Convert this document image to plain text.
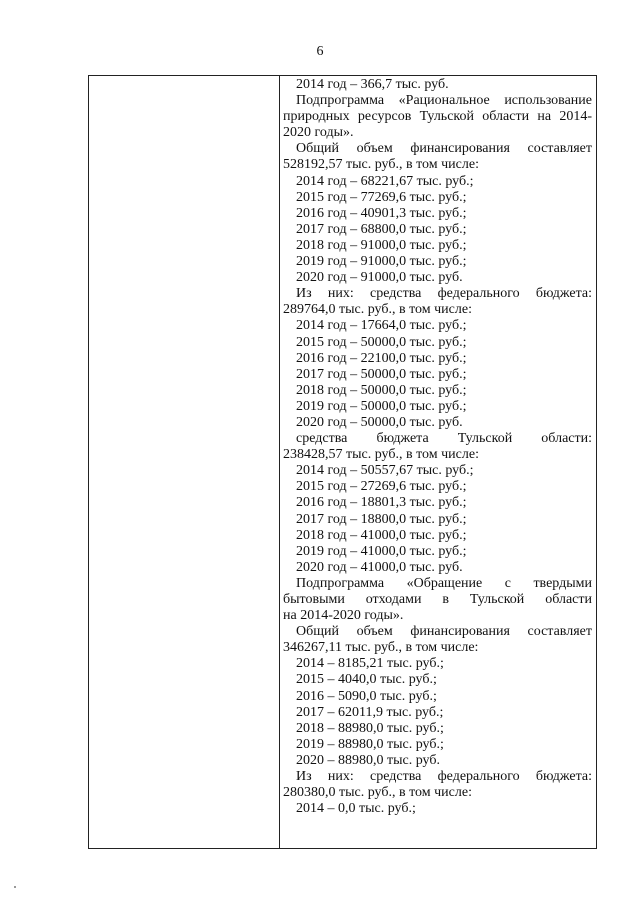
6
2014 год – 366,7 тыс. руб.
Подпрограмма «Рациональное использование
природных ресурсов Тульской области на 2014-
2020 годы».
Общий объем финансирования составляет
528192,57 тыс. руб., в том числе:
2014 год – 68221,67 тыс. руб.;
2015 год – 77269,6 тыс. руб.;
2016 год – 40901,3 тыс. руб.;
2017 год – 68800,0 тыс. руб.;
2018 год – 91000,0 тыс. руб.;
2019 год – 91000,0 тыс. руб.;
2020 год – 91000,0 тыс. руб.
Из них: средства федерального бюджета:
289764,0 тыс. руб., в том числе:
2014 год – 17664,0 тыс. руб.;
2015 год – 50000,0 тыс. руб.;
2016 год – 22100,0 тыс. руб.;
2017 год – 50000,0 тыс. руб.;
2018 год – 50000,0 тыс. руб.;
2019 год – 50000,0 тыс. руб.;
2020 год – 50000,0 тыс. руб.
средства бюджета Тульской области:
238428,57 тыс. руб., в том числе:
2014 год – 50557,67 тыс. руб.;
2015 год – 27269,6 тыс. руб.;
2016 год – 18801,3 тыс. руб.;
2017 год – 18800,0 тыс. руб.;
2018 год – 41000,0 тыс. руб.;
2019 год – 41000,0 тыс. руб.;
2020 год – 41000,0 тыс. руб.
Подпрограмма «Обращение с твердыми
бытовыми отходами в Тульской области
на 2014-2020 годы».
Общий объем финансирования составляет
346267,11 тыс. руб., в том числе:
2014 – 8185,21 тыс. руб.;
2015 – 4040,0 тыс. руб.;
2016 – 5090,0 тыс. руб.;
2017 – 62011,9 тыс. руб.;
2018 – 88980,0 тыс. руб.;
2019 – 88980,0 тыс. руб.;
2020 – 88980,0 тыс. руб.
Из них: средства федерального бюджета:
280380,0 тыс. руб., в том числе:
2014 – 0,0 тыс. руб.;
